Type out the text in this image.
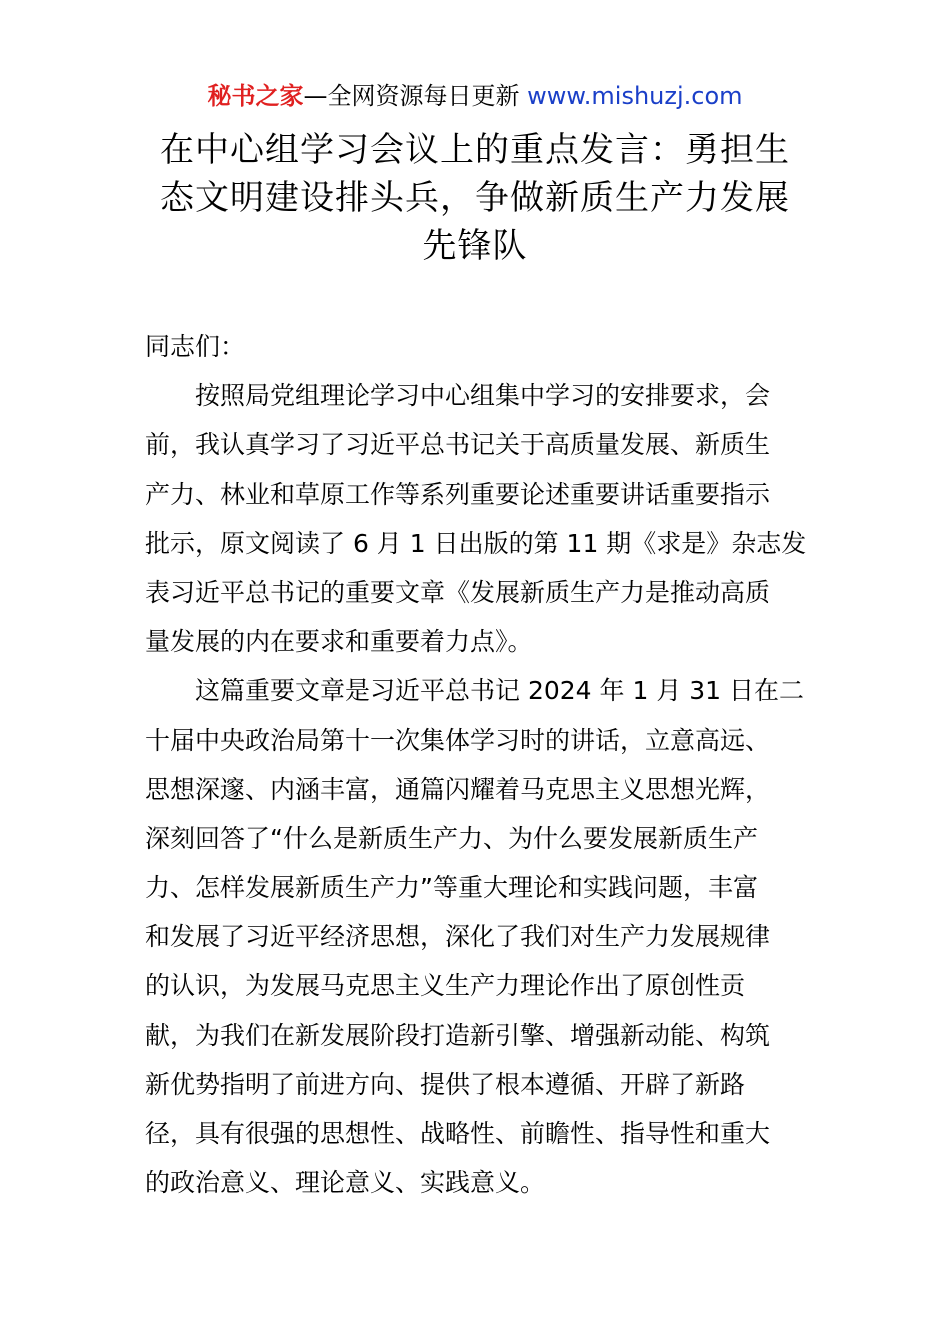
秘书之家—全网资源每日更新 www.mishuzj.com
在中心组学习会议上的重点发言：勇担生
态文明建设排头兵，争做新质生产力发展
先锋队
同志们：
按照局党组理论学习中心组集中学习的安排要求，会
前，我认真学习了习近平总书记关于高质量发展、新质生
产力、林业和草原工作等系列重要论述重要讲话重要指示
批示，原文阅读了 6 月 1 日出版的第 11 期《求是》杂志发
表习近平总书记的重要文章《发展新质生产力是推动高质
量发展的内在要求和重要着力点》。
这篇重要文章是习近平总书记 2024 年 1 月 31 日在二
十届中央政治局第十一次集体学习时的讲话，立意高远、
思想深邃、内涵丰富，通篇闪耀着马克思主义思想光辉，
深刻回答了“什么是新质生产力、为什么要发展新质生产
力、怎样发展新质生产力”等重大理论和实践问题，丰富
和发展了习近平经济思想，深化了我们对生产力发展规律
的认识，为发展马克思主义生产力理论作出了原创性贡
献，为我们在新发展阶段打造新引擎、增强新动能、构筑
新优势指明了前进方向、提供了根本遵循、开辟了新路
径，具有很强的思想性、战略性、前瞻性、指导性和重大
的政治意义、理论意义、实践意义。
